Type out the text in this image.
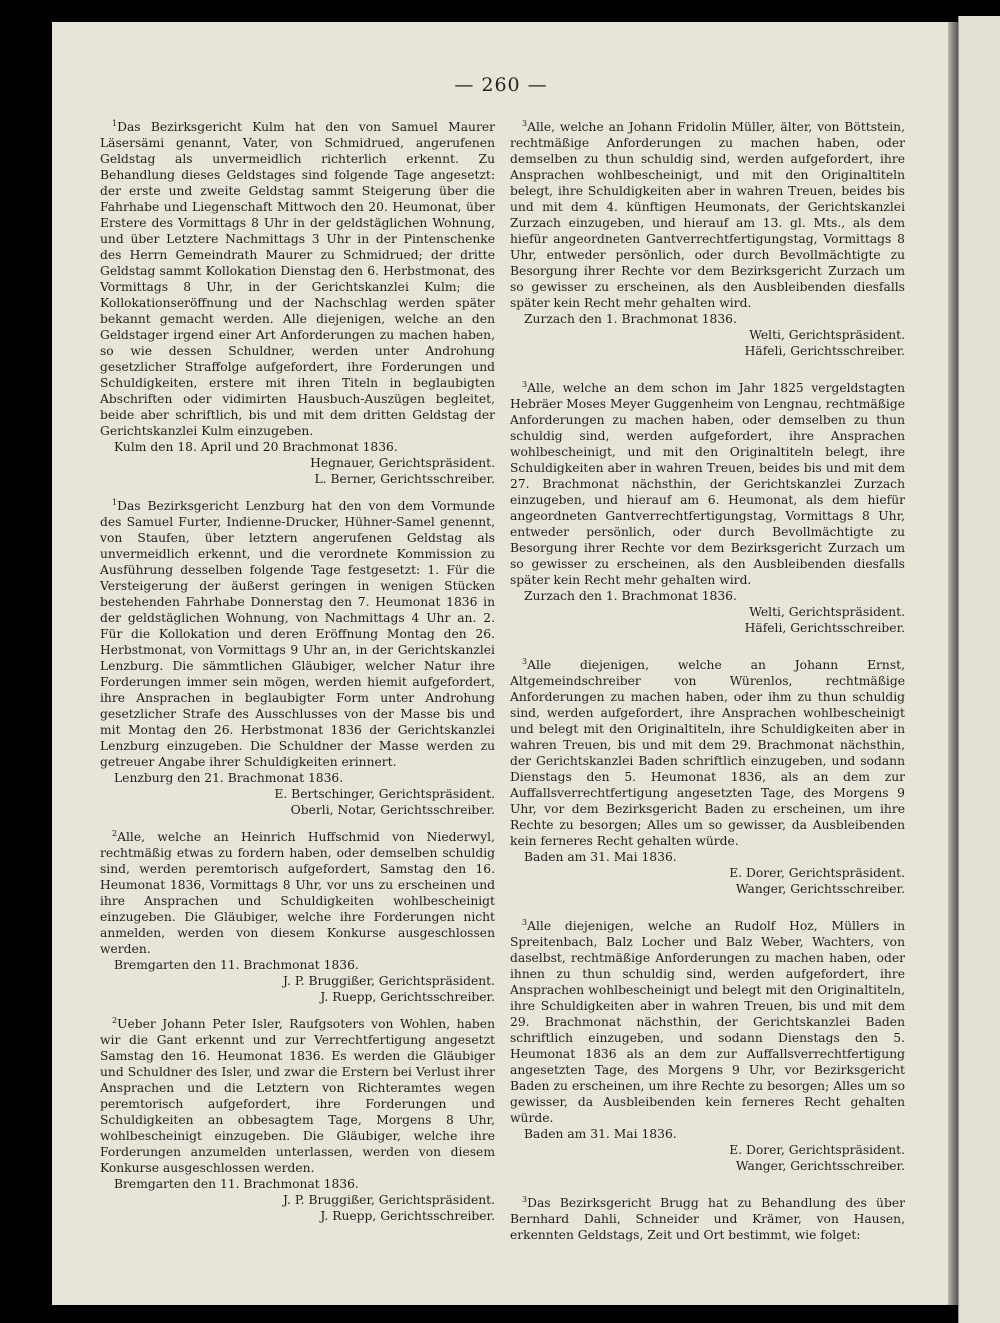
— 260 —

$^1$Das Bezirksgericht Kulm hat den von Samuel Maurer Läsersämi genannt, Vater, von Schmidrued, angerufenen Geldstag als unvermeidlich richterlich erkennt. Zu Behandlung dieses Geldstages sind folgende Tage angesetzt: der erste und zweite Geldstag sammt Steigerung über die Fahrhabe und Liegenschaft Mittwoch den 20. Heumonat, über Erstere des Vormittags 8 Uhr in der geldstäglichen Wohnung, und über Letztere Nachmittags 3 Uhr in der Pintenschenke des Herrn Gemeindrath Maurer zu Schmidrued; der dritte Geldstag sammt Kollokation Dienstag den 6. Herbstmonat, des Vormittags 8 Uhr, in der Gerichtskanzlei Kulm; die Kollokationseröffnung und der Nachschlag werden später bekannt gemacht werden. Alle diejenigen, welche an den Geldstager irgend einer Art Anforderungen zu machen haben, so wie dessen Schuldner, werden unter Androhung gesetzlicher Straffolge aufgefordert, ihre Forderungen und Schuldigkeiten, erstere mit ihren Titeln in beglaubigten Abschriften oder vidimirten Hausbuch-Auszügen begleitet, beide aber schriftlich, bis und mit dem dritten Geldstag der Gerichtskanzlei Kulm einzugeben.

Kulm den 18. April und 20 Brachmonat 1836.

Hegnauer, Gerichtspräsident.

L. Berner, Gerichtsschreiber.

$^1$Das Bezirksgericht Lenzburg hat den von dem Vormunde des Samuel Furter, Indienne-Drucker, Hühner-Samel genennt, von Staufen, über letztern angerufenen Geldstag als unvermeidlich erkennt, und die verordnete Kommission zu Ausführung desselben folgende Tage festgesetzt: 1. Für die Versteigerung der äußerst geringen in wenigen Stücken bestehenden Fahrhabe Donnerstag den 7. Heumonat 1836 in der geldstäglichen Wohnung, von Nachmittags 4 Uhr an. 2. Für die Kollokation und deren Eröffnung Montag den 26. Herbstmonat, von Vormittags 9 Uhr an, in der Gerichtskanzlei Lenzburg. Die sämmtlichen Gläubiger, welcher Natur ihre Forderungen immer sein mögen, werden hiemit aufgefordert, ihre Ansprachen in beglaubigter Form unter Androhung gesetzlicher Strafe des Ausschlusses von der Masse bis und mit Montag den 26. Herbstmonat 1836 der Gerichtskanzlei Lenzburg einzugeben. Die Schuldner der Masse werden zu getreuer Angabe ihrer Schuldigkeiten erinnert.

Lenzburg den 21. Brachmonat 1836.

E. Bertschinger, Gerichtspräsident.

Oberli, Notar, Gerichtsschreiber.

$^2$Alle, welche an Heinrich Huffschmid von Niederwyl, rechtmäßig etwas zu fordern haben, oder demselben schuldig sind, werden peremtorisch aufgefordert, Samstag den 16. Heumonat 1836, Vormittags 8 Uhr, vor uns zu erscheinen und ihre Ansprachen und Schuldigkeiten wohlbescheinigt einzugeben. Die Gläubiger, welche ihre Forderungen nicht anmelden, werden von diesem Konkurse ausgeschlossen werden.

Bremgarten den 11. Brachmonat 1836.

J. P. Bruggißer, Gerichtspräsident.

J. Ruepp, Gerichtsschreiber.

$^2$Ueber Johann Peter Isler, Raufgsoters von Wohlen, haben wir die Gant erkennt und zur Verrechtfertigung angesetzt Samstag den 16. Heumonat 1836. Es werden die Gläubiger und Schuldner des Isler, und zwar die Erstern bei Verlust ihrer Ansprachen und die Letztern von Richteramtes wegen peremtorisch aufgefordert, ihre Forderungen und Schuldigkeiten an obbesagtem Tage, Morgens 8 Uhr, wohlbescheinigt einzugeben. Die Gläubiger, welche ihre Forderungen anzumelden unterlassen, werden von diesem Konkurse ausgeschlossen werden.

Bremgarten den 11. Brachmonat 1836.

J. P. Bruggißer, Gerichtspräsident.

J. Ruepp, Gerichtsschreiber.

$^3$Alle, welche an Johann Fridolin Müller, älter, von Böttstein, rechtmäßige Anforderungen zu machen haben, oder demselben zu thun schuldig sind, werden aufgefordert, ihre Ansprachen wohlbescheinigt, und mit den Originaltiteln belegt, ihre Schuldigkeiten aber in wahren Treuen, beides bis und mit dem 4. künftigen Heumonats, der Gerichtskanzlei Zurzach einzugeben, und hierauf am 13. gl. Mts., als dem hiefür angeordneten Gantverrechtfertigungstag, Vormittags 8 Uhr, entweder persönlich, oder durch Bevollmächtigte zu Besorgung ihrer Rechte vor dem Bezirksgericht Zurzach um so gewisser zu erscheinen, als den Ausbleibenden diesfalls später kein Recht mehr gehalten wird.

Zurzach den 1. Brachmonat 1836.

Welti, Gerichtspräsident.

Häfeli, Gerichtsschreiber.

$^3$Alle, welche an dem schon im Jahr 1825 vergeldstagten Hebräer Moses Meyer Guggenheim von Lengnau, rechtmäßige Anforderungen zu machen haben, oder demselben zu thun schuldig sind, werden aufgefordert, ihre Ansprachen wohlbescheinigt, und mit den Originaltiteln belegt, ihre Schuldigkeiten aber in wahren Treuen, beides bis und mit dem 27. Brachmonat nächsthin, der Gerichtskanzlei Zurzach einzugeben, und hierauf am 6. Heumonat, als dem hiefür angeordneten Gantverrechtfertigungstag, Vormittags 8 Uhr, entweder persönlich, oder durch Bevollmächtigte zu Besorgung ihrer Rechte vor dem Bezirksgericht Zurzach um so gewisser zu erscheinen, als den Ausbleibenden diesfalls später kein Recht mehr gehalten wird.

Zurzach den 1. Brachmonat 1836.

Welti, Gerichtspräsident.

Häfeli, Gerichtsschreiber.

$^3$Alle diejenigen, welche an Johann Ernst, Altgemeindschreiber von Würenlos, rechtmäßige Anforderungen zu machen haben, oder ihm zu thun schuldig sind, werden aufgefordert, ihre Ansprachen wohlbescheinigt und belegt mit den Originaltiteln, ihre Schuldigkeiten aber in wahren Treuen, bis und mit dem 29. Brachmonat nächsthin, der Gerichtskanzlei Baden schriftlich einzugeben, und sodann Dienstags den 5. Heumonat 1836, als an dem zur Auffallsverrechtfertigung angesetzten Tage, des Morgens 9 Uhr, vor dem Bezirksgericht Baden zu erscheinen, um ihre Rechte zu besorgen; Alles um so gewisser, da Ausbleibenden kein ferneres Recht gehalten würde.

Baden am 31. Mai 1836.

E. Dorer, Gerichtspräsident.

Wanger, Gerichtsschreiber.

$^3$Alle diejenigen, welche an Rudolf Hoz, Müllers in Spreitenbach, Balz Locher und Balz Weber, Wachters, von daselbst, rechtmäßige Anforderungen zu machen haben, oder ihnen zu thun schuldig sind, werden aufgefordert, ihre Ansprachen wohlbescheinigt und belegt mit den Originaltiteln, ihre Schuldigkeiten aber in wahren Treuen, bis und mit dem 29. Brachmonat nächsthin, der Gerichtskanzlei Baden schriftlich einzugeben, und sodann Dienstags den 5. Heumonat 1836 als an dem zur Auffallsverrechtfertigung angesetzten Tage, des Morgens 9 Uhr, vor Bezirksgericht Baden zu erscheinen, um ihre Rechte zu besorgen; Alles um so gewisser, da Ausbleibenden kein ferneres Recht gehalten würde.

Baden am 31. Mai 1836.

E. Dorer, Gerichtspräsident.

Wanger, Gerichtsschreiber.

$^3$Das Bezirksgericht Brugg hat zu Behandlung des über Bernhard Dahli, Schneider und Krämer, von Hausen, erkennten Geldstags, Zeit und Ort bestimmt, wie folget:
